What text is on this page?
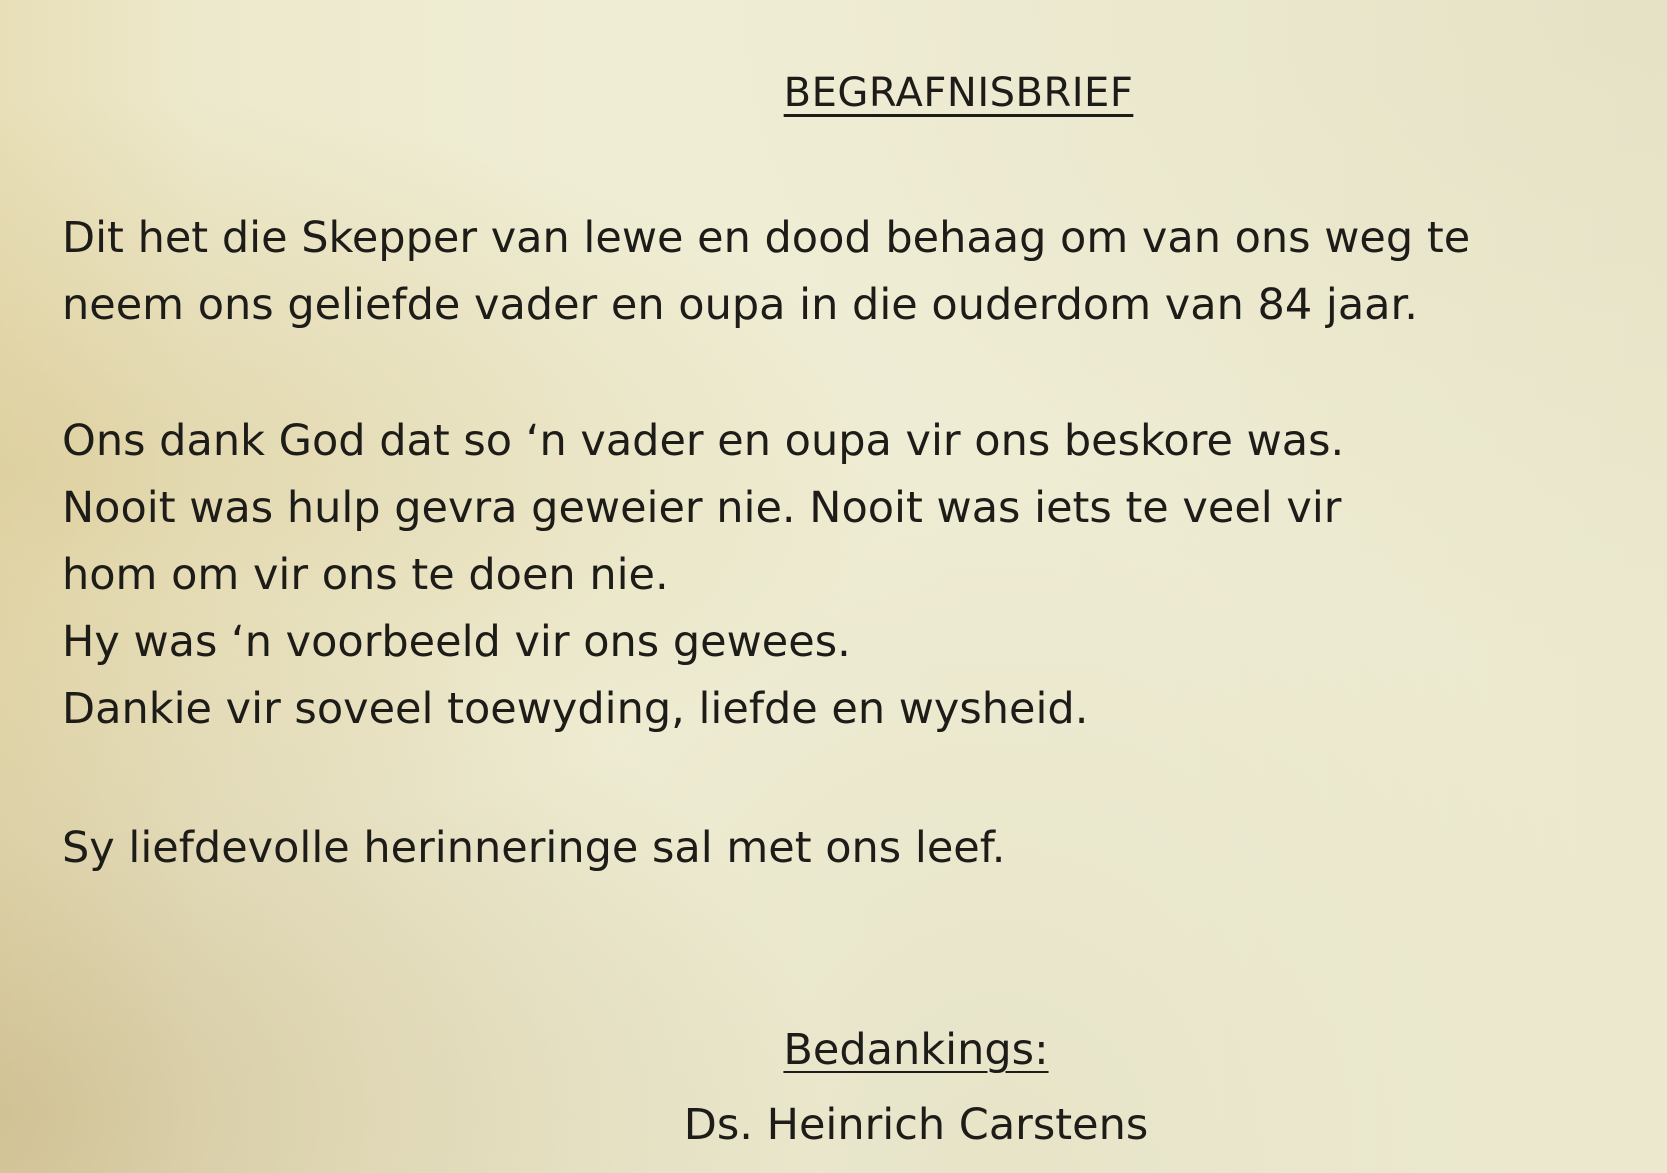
BEGRAFNISBRIEF
Dit het die Skepper van lewe en dood behaag om van ons weg te
neem ons geliefde vader en oupa in die ouderdom van 84 jaar.
Ons dank God dat so ‘n vader en oupa vir ons beskore was.
Nooit was hulp gevra geweier nie. Nooit was iets te veel vir
hom om vir ons te doen nie.
Hy was ‘n voorbeeld vir ons gewees.
Dankie vir soveel toewyding, liefde en wysheid.
Sy liefdevolle herinneringe sal met ons leef.
Bedankings:
Ds. Heinrich Carstens
